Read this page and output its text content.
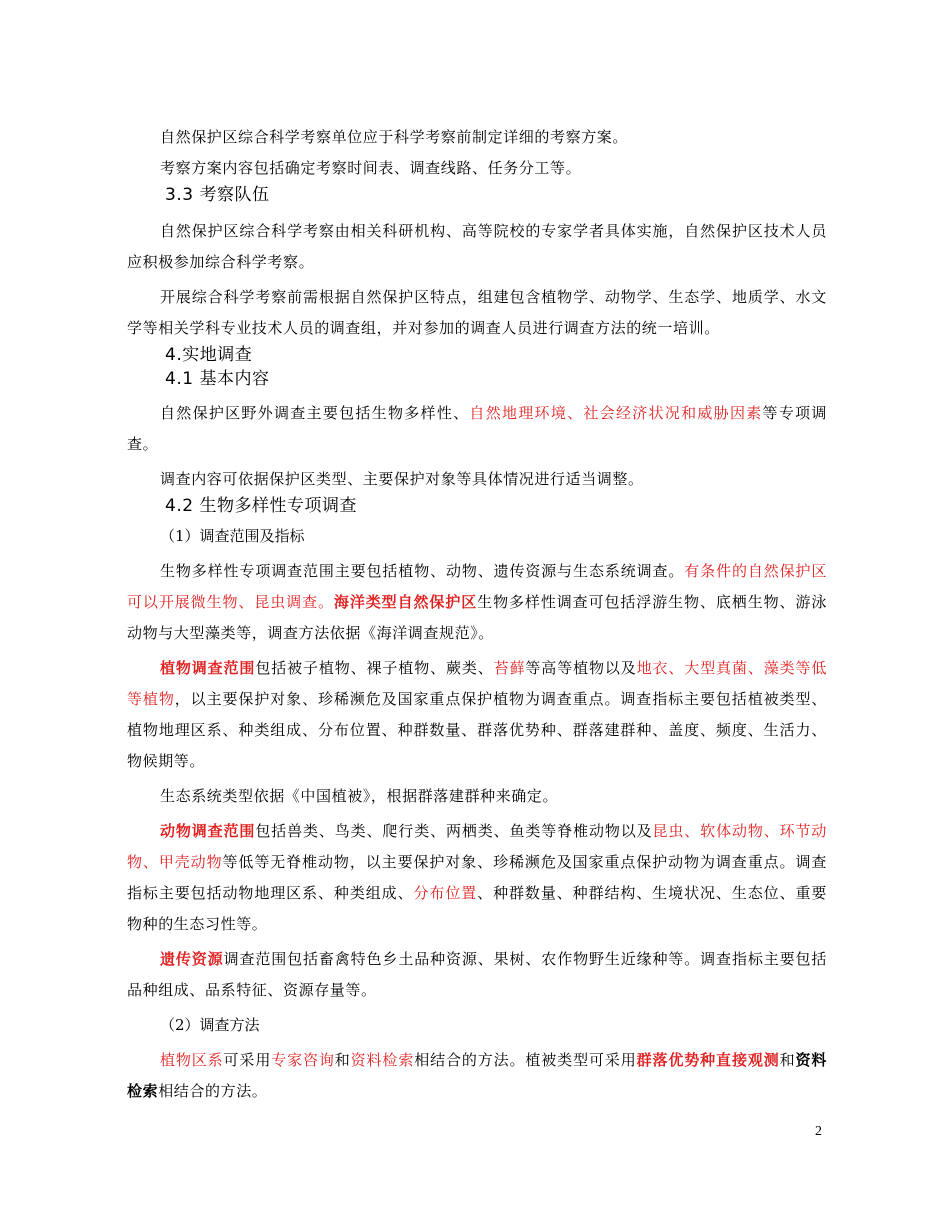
自然保护区综合科学考察单位应于科学考察前制定详细的考察方案。

考察方案内容包括确定考察时间表、调查线路、任务分工等。

3.3 考察队伍

自然保护区综合科学考察由相关科研机构、高等院校的专家学者具体实施，自然保护区技术人员应积极参加综合科学考察。

开展综合科学考察前需根据自然保护区特点，组建包含植物学、动物学、生态学、地质学、水文学等相关学科专业技术人员的调查组，并对参加的调查人员进行调查方法的统一培训。

4.实地调查
4.1 基本内容

自然保护区野外调查主要包括生物多样性、自然地理环境、社会经济状况和威胁因素等专项调查。

调查内容可依据保护区类型、主要保护对象等具体情况进行适当调整。

4.2 生物多样性专项调查

（1）调查范围及指标

生物多样性专项调查范围主要包括植物、动物、遗传资源与生态系统调查。有条件的自然保护区可以开展微生物、昆虫调查。海洋类型自然保护区生物多样性调查可包括浮游生物、底栖生物、游泳动物与大型藻类等，调查方法依据《海洋调查规范》。

植物调查范围包括被子植物、裸子植物、蕨类、苔藓等高等植物以及地衣、大型真菌、藻类等低等植物，以主要保护对象、珍稀濒危及国家重点保护植物为调查重点。调查指标主要包括植被类型、植物地理区系、种类组成、分布位置、种群数量、群落优势种、群落建群种、盖度、频度、生活力、物候期等。

生态系统类型依据《中国植被》，根据群落建群种来确定。

动物调查范围包括兽类、鸟类、爬行类、两栖类、鱼类等脊椎动物以及昆虫、软体动物、环节动物、甲壳动物等低等无脊椎动物，以主要保护对象、珍稀濒危及国家重点保护动物为调查重点。调查指标主要包括动物地理区系、种类组成、分布位置、种群数量、种群结构、生境状况、生态位、重要物种的生态习性等。

遗传资源调查范围包括畜禽特色乡土品种资源、果树、农作物野生近缘种等。调查指标主要包括品种组成、品系特征、资源存量等。

（2）调查方法

植物区系可采用专家咨询和资料检索相结合的方法。植被类型可采用群落优势种直接观测和资料检索相结合的方法。

2
